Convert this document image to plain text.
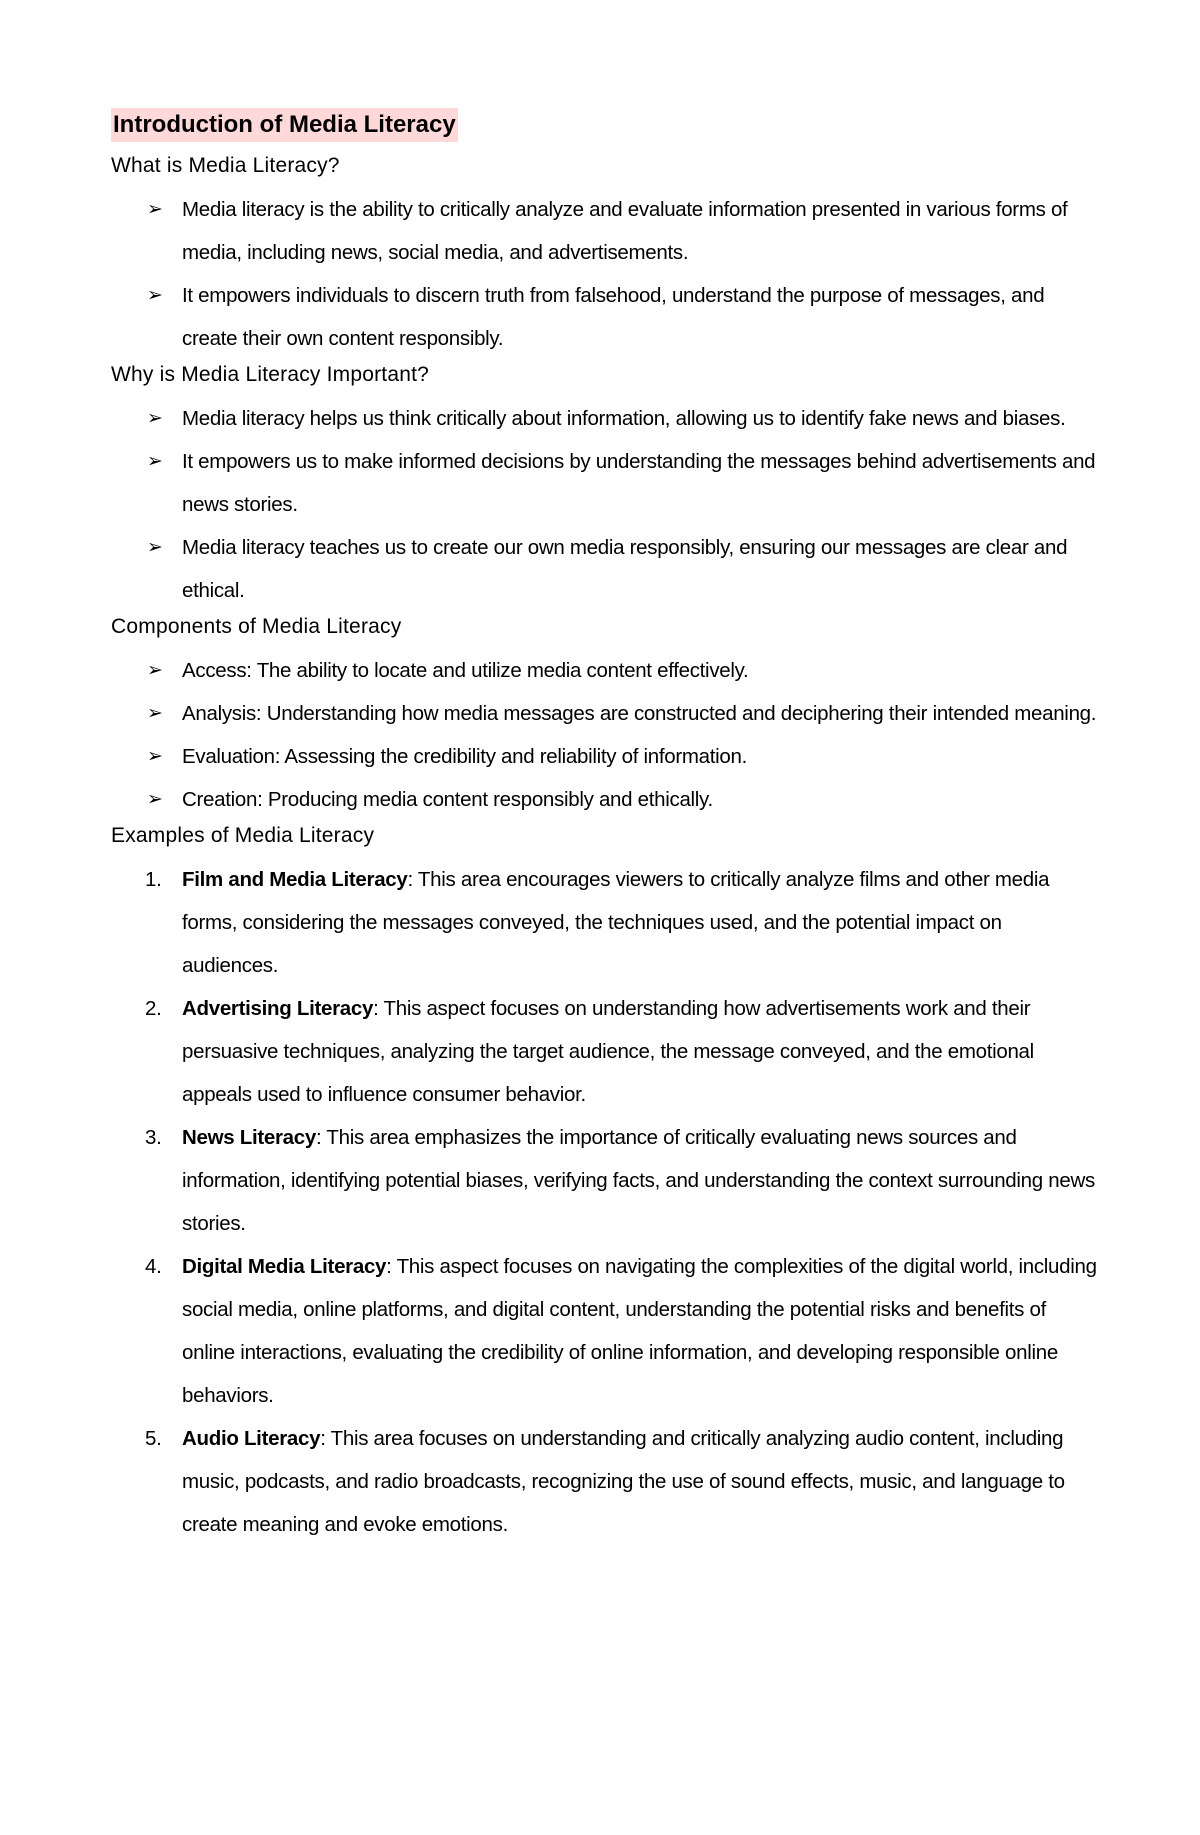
Introduction of Media Literacy
What is Media Literacy?
➢ Media literacy is the ability to critically analyze and evaluate information presented in various forms of media, including news, social media, and advertisements.
➢ It empowers individuals to discern truth from falsehood, understand the purpose of messages, and create their own content responsibly.
Why is Media Literacy Important?
➢ Media literacy helps us think critically about information, allowing us to identify fake news and biases.
➢ It empowers us to make informed decisions by understanding the messages behind advertisements and news stories.
➢ Media literacy teaches us to create our own media responsibly, ensuring our messages are clear and ethical.
Components of Media Literacy
➢ Access: The ability to locate and utilize media content effectively.
➢ Analysis: Understanding how media messages are constructed and deciphering their intended meaning.
➢ Evaluation: Assessing the credibility and reliability of information.
➢ Creation: Producing media content responsibly and ethically.
Examples of Media Literacy
1. Film and Media Literacy: This area encourages viewers to critically analyze films and other media forms, considering the messages conveyed, the techniques used, and the potential impact on audiences.
2. Advertising Literacy: This aspect focuses on understanding how advertisements work and their persuasive techniques, analyzing the target audience, the message conveyed, and the emotional appeals used to influence consumer behavior.
3. News Literacy: This area emphasizes the importance of critically evaluating news sources and information, identifying potential biases, verifying facts, and understanding the context surrounding news stories.
4. Digital Media Literacy: This aspect focuses on navigating the complexities of the digital world, including social media, online platforms, and digital content, understanding the potential risks and benefits of online interactions, evaluating the credibility of online information, and developing responsible online behaviors.
5. Audio Literacy: This area focuses on understanding and critically analyzing audio content, including music, podcasts, and radio broadcasts, recognizing the use of sound effects, music, and language to create meaning and evoke emotions.
